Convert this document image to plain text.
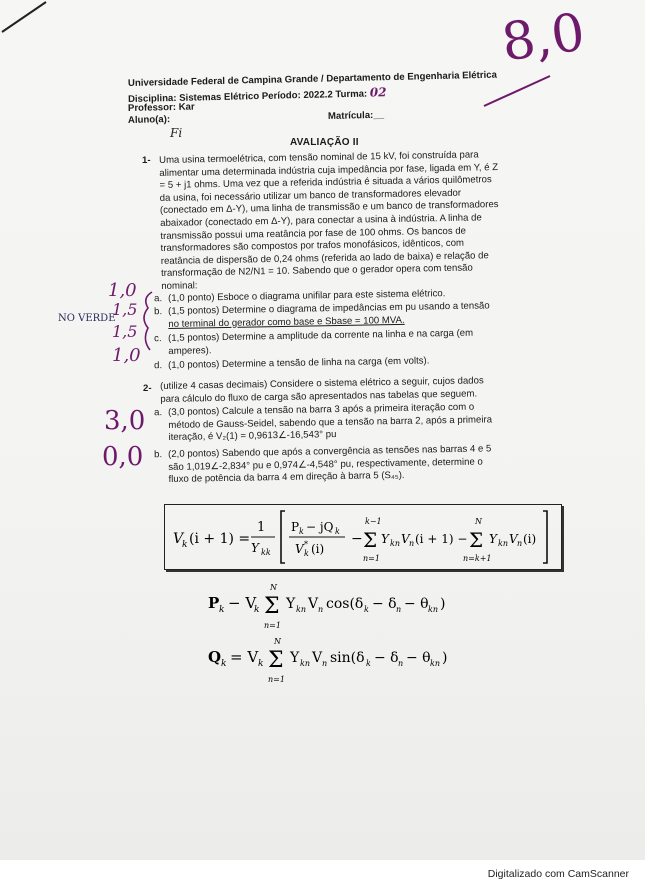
Universidade Federal de Campina Grande / Departamento de Engenharia Elétrica
Disciplina: Sistemas Elétrico Período: 2022.2 Turma: 02
Professor: Kar
Aluno(a):	Matrícula:__
Fi
8,0
AVALIAÇÃO II
1- Uma usina termoelétrica, com tensão nominal de 15 kV, foi construída para
alimentar uma determinada indústria cuja impedância por fase, ligada em Y, é Z
= 5 + j1 ohms. Uma vez que a referida indústria é situada a vários quilômetros
da usina, foi necessário utilizar um banco de transformadores elevador
(conectado em Δ-Y), uma linha de transmissão e um banco de transformadores
abaixador (conectado em Δ-Y), para conectar a usina à indústria. A linha de
transmissão possui uma reatância por fase de 100 ohms. Os bancos de
transformadores são compostos por trafos monofásicos, idênticos, com
reatância de dispersão de 0,24 ohms (referida ao lado de baixa) e relação de
transformação de N2/N1 = 10. Sabendo que o gerador opera com tensão
nominal:
a. (1,0 ponto) Esboce o diagrama unifilar para este sistema elétrico.
b. (1,5 pontos) Determine o diagrama de impedâncias em pu usando a tensão
no terminal do gerador como base e Sbase = 100 MVA.
c. (1,5 pontos) Determine a amplitude da corrente na linha e na carga (em
amperes).
d. (1,0 pontos) Determine a tensão de linha na carga (em volts).
1,0
1,5
1,5
1,0
NO VERDE
2- (utilize 4 casas decimais) Considere o sistema elétrico a seguir, cujos dados
para cálculo do fluxo de carga são apresentados nas tabelas que seguem.
a. (3,0 pontos) Calcule a tensão na barra 3 após a primeira iteração com o
método de Gauss-Seidel, sabendo que a tensão na barra 2, após a primeira
iteração, é V₂(1) = 0,9613∠-16,543° pu
b. (2,0 pontos) Sabendo que após a convergência as tensões nas barras 4 e 5
são 1,019∠-2,834° pu e 0,974∠-4,548° pu, respectivamente, determine o
fluxo de potência da barra 4 em direção à barra 5 (S₄₅).
3,0
0,0
V
k (i + 1) =
1
Y kk
P k − jQ k
V k
* (i)
−
k−1
Σ
n=1
Y kn V n (i + 1) −
N
Σ
n=k+1
Y kn V n (i)
P k − V
k
N
Σ
n=1
Y kn V n cos(δ k − δ n − θ kn )
Q k = V k
N
Σ
n=1
Y kn V n sin(δ k − δ n − θ kn )
Digitalizado com CamScanner
